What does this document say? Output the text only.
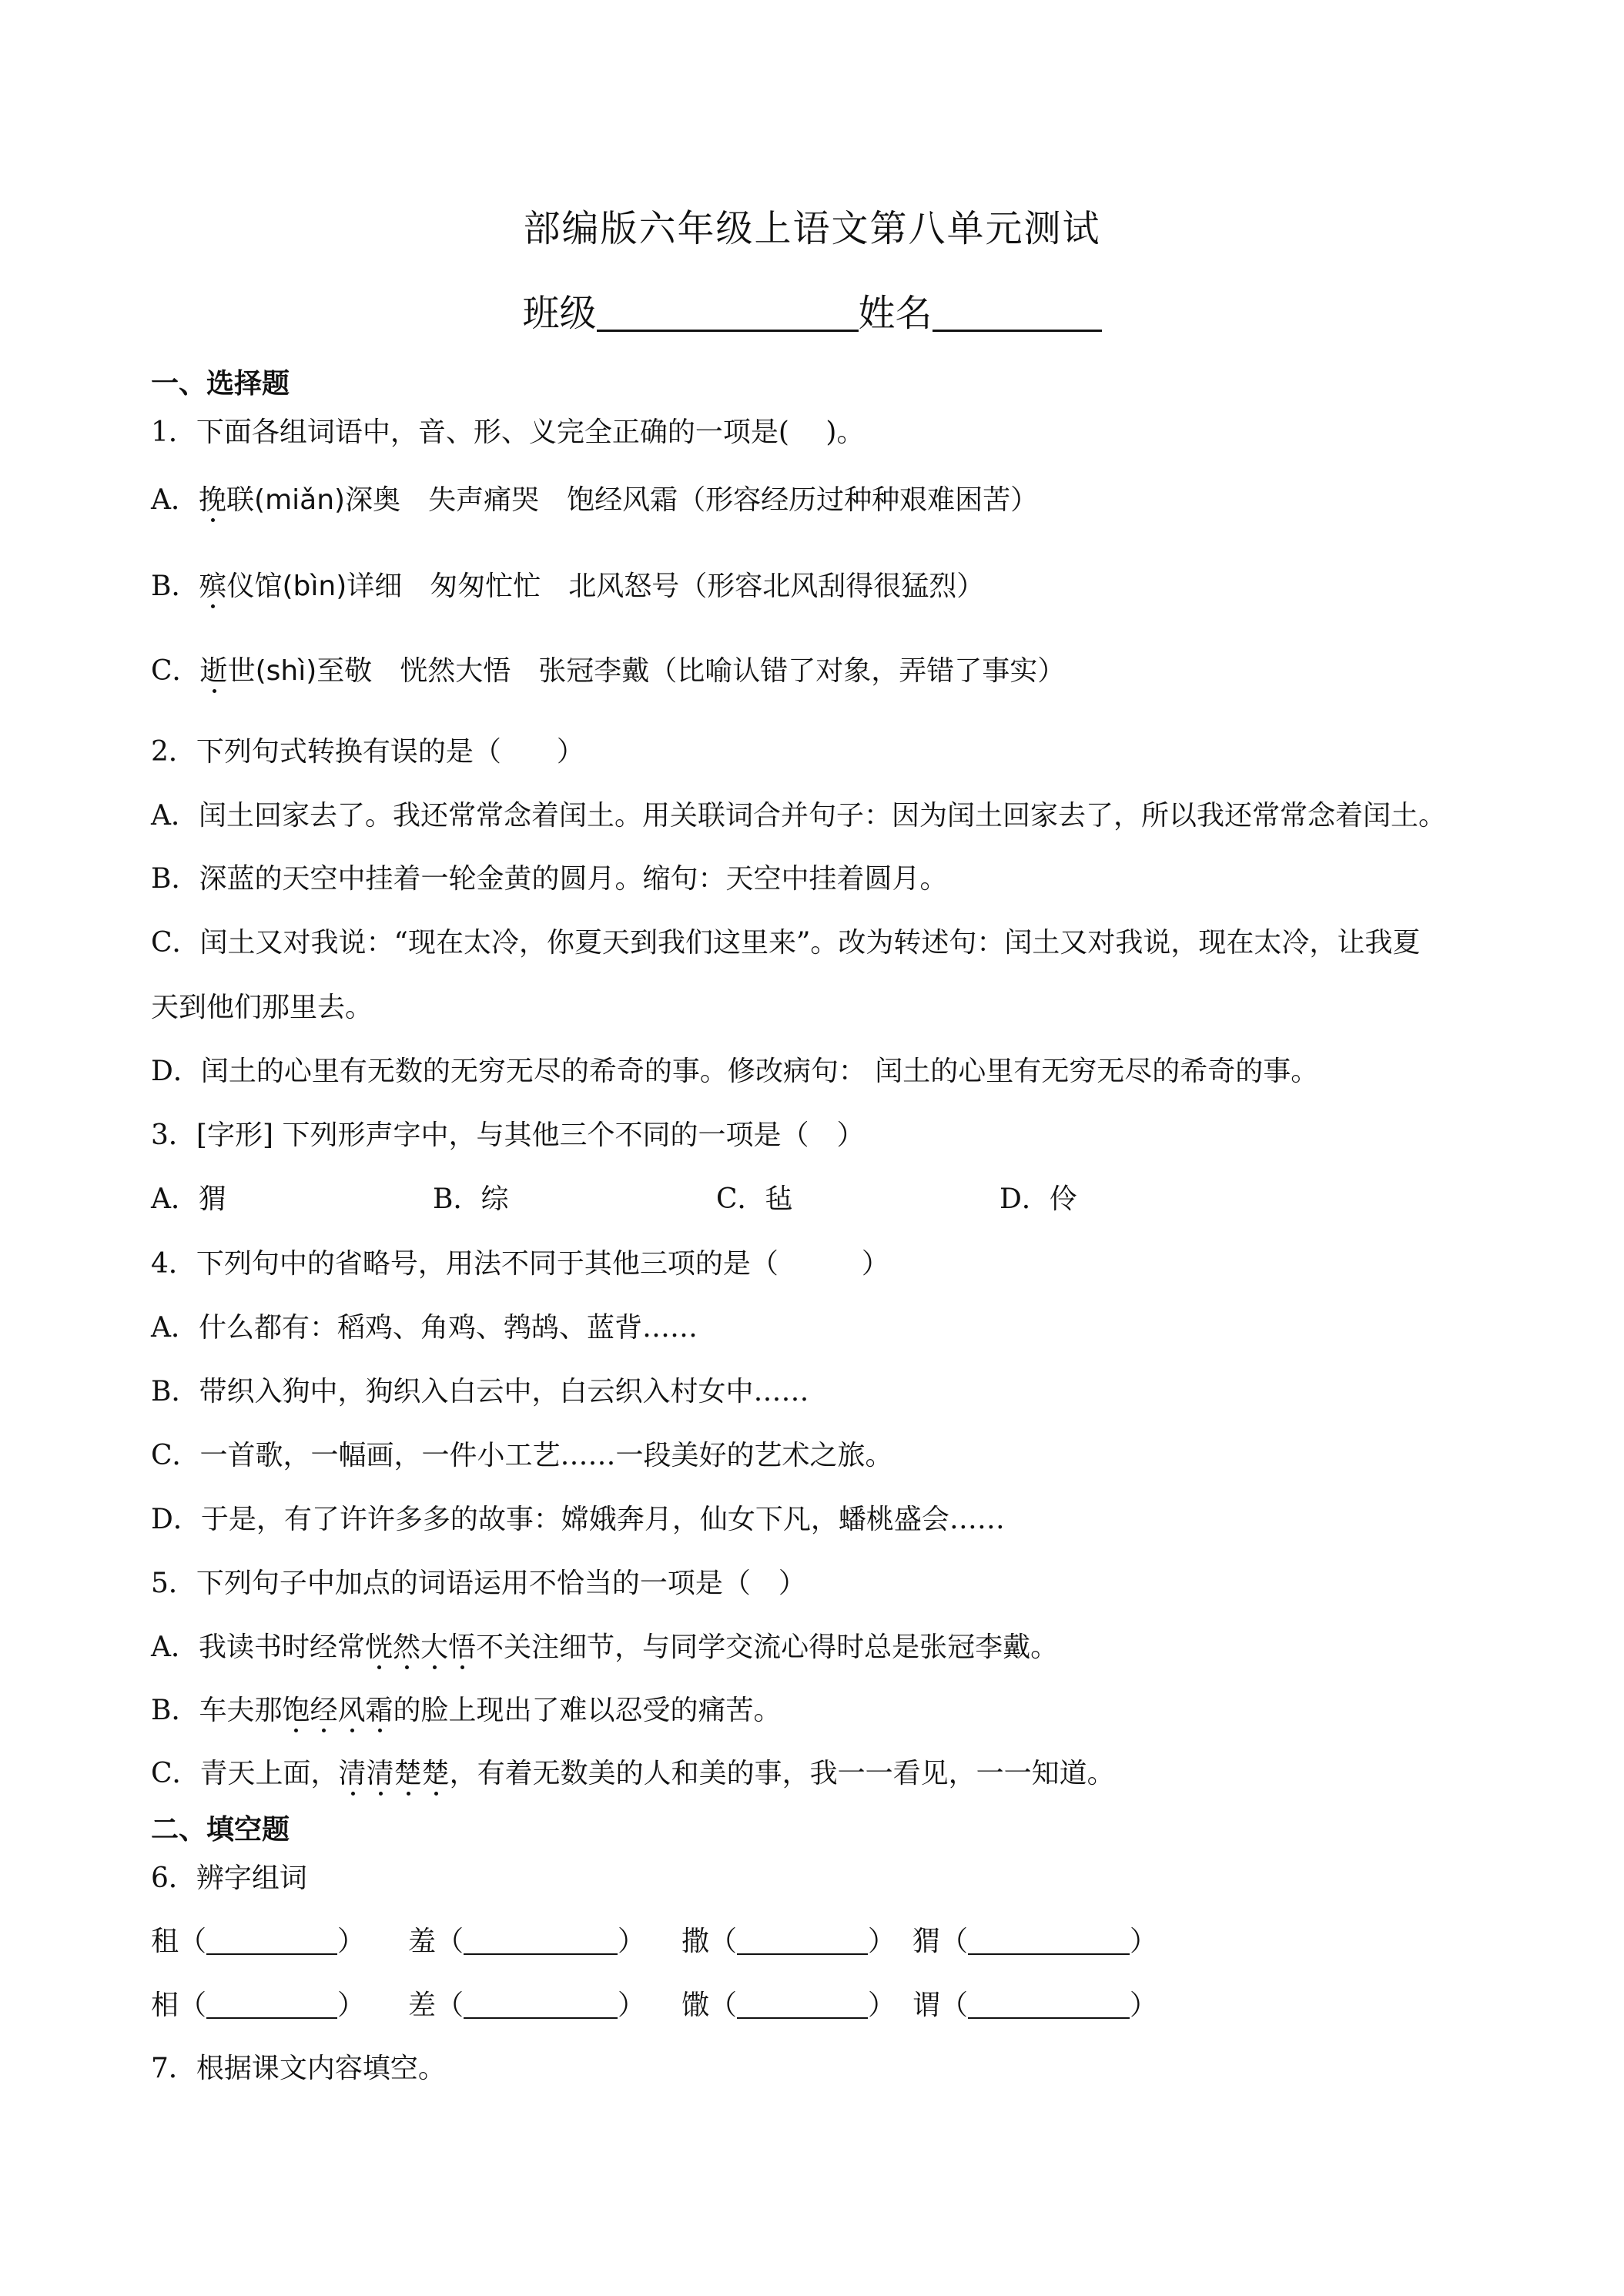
部编版六年级上语文第八单元测试
班级	姓名
一、选择题
1．下面各组词语中，音、形、义完全正确的一项是(　 )。
A．挽联(miǎn)深奥　失声痛哭　饱经风霜（形容经历过种种艰难困苦）
B．殡仪馆(bìn)详细　匆匆忙忙　北风怒号（形容北风刮得很猛烈）
C．逝世(shì)至敬　恍然大悟　张冠李戴（比喻认错了对象，弄错了事实）
2．下列句式转换有误的是（　　）
A．闰土回家去了。我还常常念着闰土。用关联词合并句子：因为闰土回家去了，所以我还常常念着闰土。
B．深蓝的天空中挂着一轮金黄的圆月。缩句：天空中挂着圆月。
C．闰土又对我说：“现在太冷，你夏天到我们这里来”。改为转述句：闰土又对我说，现在太冷，让我夏
天到他们那里去。
D．闰土的心里有无数的无穷无尽的希奇的事。修改病句： 闰土的心里有无穷无尽的希奇的事。
3．[字形] 下列形声字中，与其他三个不同的一项是（　）
A．猬	B．综	C．毡	D．伶
4．下列句中的省略号，用法不同于其他三项的是（　　　）
A．什么都有：稻鸡、角鸡、鹁鸪、蓝背……
B．带织入狗中，狗织入白云中，白云织入村女中……
C．一首歌，一幅画，一件小工艺……一段美好的艺术之旅。
D．于是，有了许许多多的故事：嫦娥奔月，仙女下凡，蟠桃盛会……
5．下列句子中加点的词语运用不恰当的一项是（　）
A．我读书时经常恍然大悟不关注细节，与同学交流心得时总是张冠李戴。
B．车夫那饱经风霜的脸上现出了难以忍受的痛苦。
C．青天上面，清清楚楚，有着无数美的人和美的事，我一一看见，一一知道。
二、填空题
6．辨字组词
租（	） 羞（	） 撒（	） 猬（	）
相（	） 差（	） 馓（	） 谓（	）
7．根据课文内容填空。
